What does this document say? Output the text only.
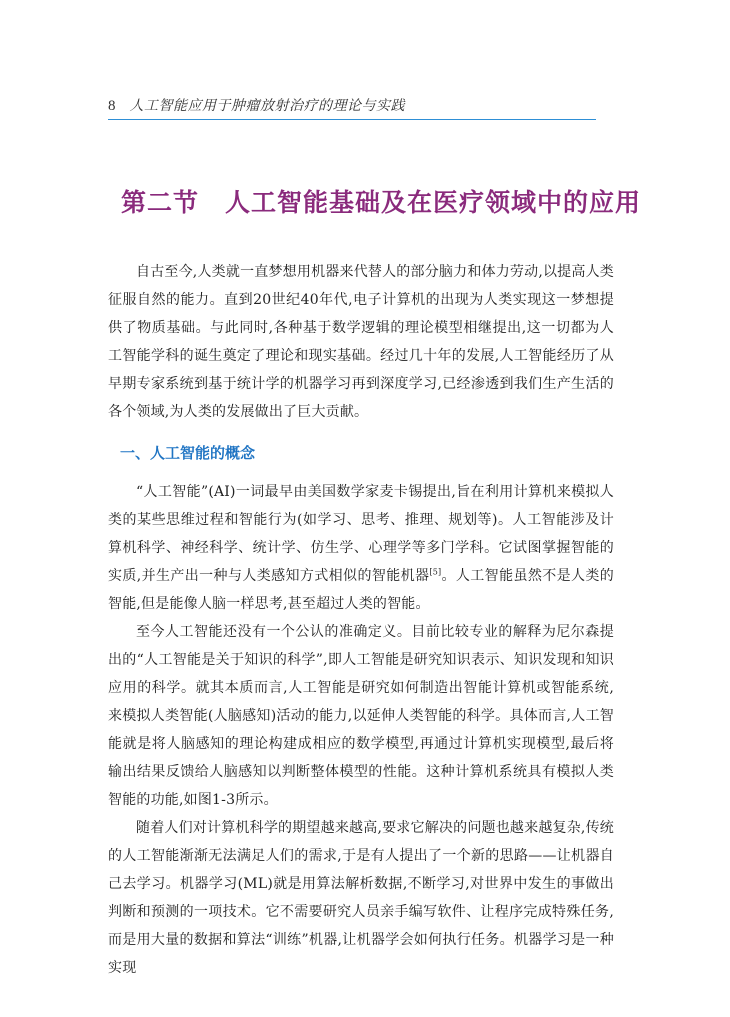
8 人工智能应用于肿瘤放射治疗的理论与实践
第二节 人工智能基础及在医疗领域中的应用

自古至今,人类就一直梦想用机器来代替人的部分脑力和体力劳动,以提高人类征服自然的能力。直到20世纪40年代,电子计算机的出现为人类实现这一梦想提供了物质基础。与此同时,各种基于数学逻辑的理论模型相继提出,这一切都为人工智能学科的诞生奠定了理论和现实基础。经过几十年的发展,人工智能经历了从早期专家系统到基于统计学的机器学习再到深度学习,已经渗透到我们生产生活的各个领域,为人类的发展做出了巨大贡献。

一、人工智能的概念

“人工智能”(AI)一词最早由美国数学家麦卡锡提出,旨在利用计算机来模拟人类的某些思维过程和智能行为(如学习、思考、推理、规划等)。人工智能涉及计算机科学、神经科学、统计学、仿生学、心理学等多门学科。它试图掌握智能的实质,并生产出一种与人类感知方式相似的智能机器[5]。人工智能虽然不是人类的智能,但是能像人脑一样思考,甚至超过人类的智能。

至今人工智能还没有一个公认的准确定义。目前比较专业的解释为尼尔森提出的“人工智能是关于知识的科学”,即人工智能是研究知识表示、知识发现和知识应用的科学。就其本质而言,人工智能是研究如何制造出智能计算机或智能系统,来模拟人类智能(人脑感知)活动的能力,以延伸人类智能的科学。具体而言,人工智能就是将人脑感知的理论构建成相应的数学模型,再通过计算机实现模型,最后将输出结果反馈给人脑感知以判断整体模型的性能。这种计算机系统具有模拟人类智能的功能,如图1-3所示。

随着人们对计算机科学的期望越来越高,要求它解决的问题也越来越复杂,传统的人工智能渐渐无法满足人们的需求,于是有人提出了一个新的思路——让机器自己去学习。机器学习(ML)就是用算法解析数据,不断学习,对世界中发生的事做出判断和预测的一项技术。它不需要研究人员亲手编写软件、让程序完成特殊任务,而是用大量的数据和算法“训练”机器,让机器学会如何执行任务。机器学习是一种实现
